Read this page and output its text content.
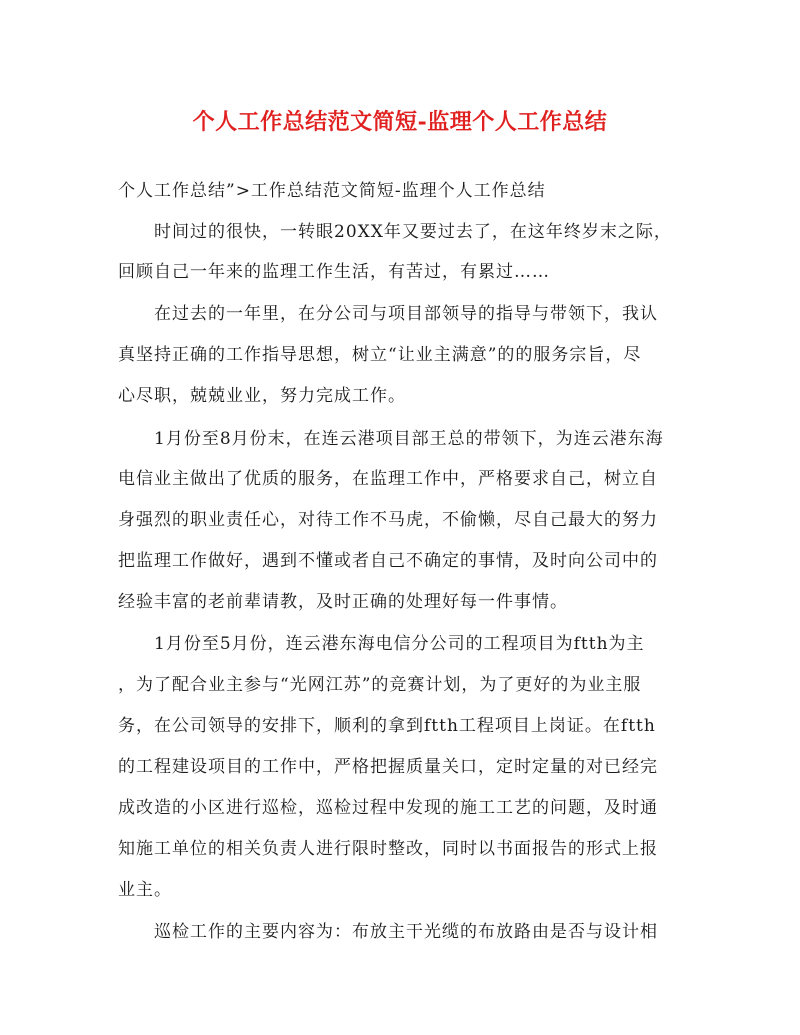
个人工作总结范文简短-监理个人工作总结
个人工作总结”>工作总结范文简短-监理个人工作总结
时间过的很快，一转眼20XX年又要过去了，在这年终岁末之际，
回顾自己一年来的监理工作生活，有苦过，有累过……
在过去的一年里，在分公司与项目部领导的指导与带领下，我认
真坚持正确的工作指导思想，树立“让业主满意”的的服务宗旨，尽
心尽职，兢兢业业，努力完成工作。
1月份至8月份末，在连云港项目部王总的带领下，为连云港东海
电信业主做出了优质的服务，在监理工作中，严格要求自己，树立自
身强烈的职业责任心，对待工作不马虎，不偷懒，尽自己最大的努力
把监理工作做好，遇到不懂或者自己不确定的事情，及时向公司中的
经验丰富的老前辈请教，及时正确的处理好每一件事情。
1月份至5月份，连云港东海电信分公司的工程项目为ftth为主
，为了配合业主参与“光网江苏”的竞赛计划，为了更好的为业主服
务，在公司领导的安排下，顺利的拿到ftth工程项目上岗证。在ftth
的工程建设项目的工作中，严格把握质量关口，定时定量的对已经完
成改造的小区进行巡检，巡检过程中发现的施工工艺的问题，及时通
知施工单位的相关负责人进行限时整改，同时以书面报告的形式上报
业主。
巡检工作的主要内容为：布放主干光缆的布放路由是否与设计相
